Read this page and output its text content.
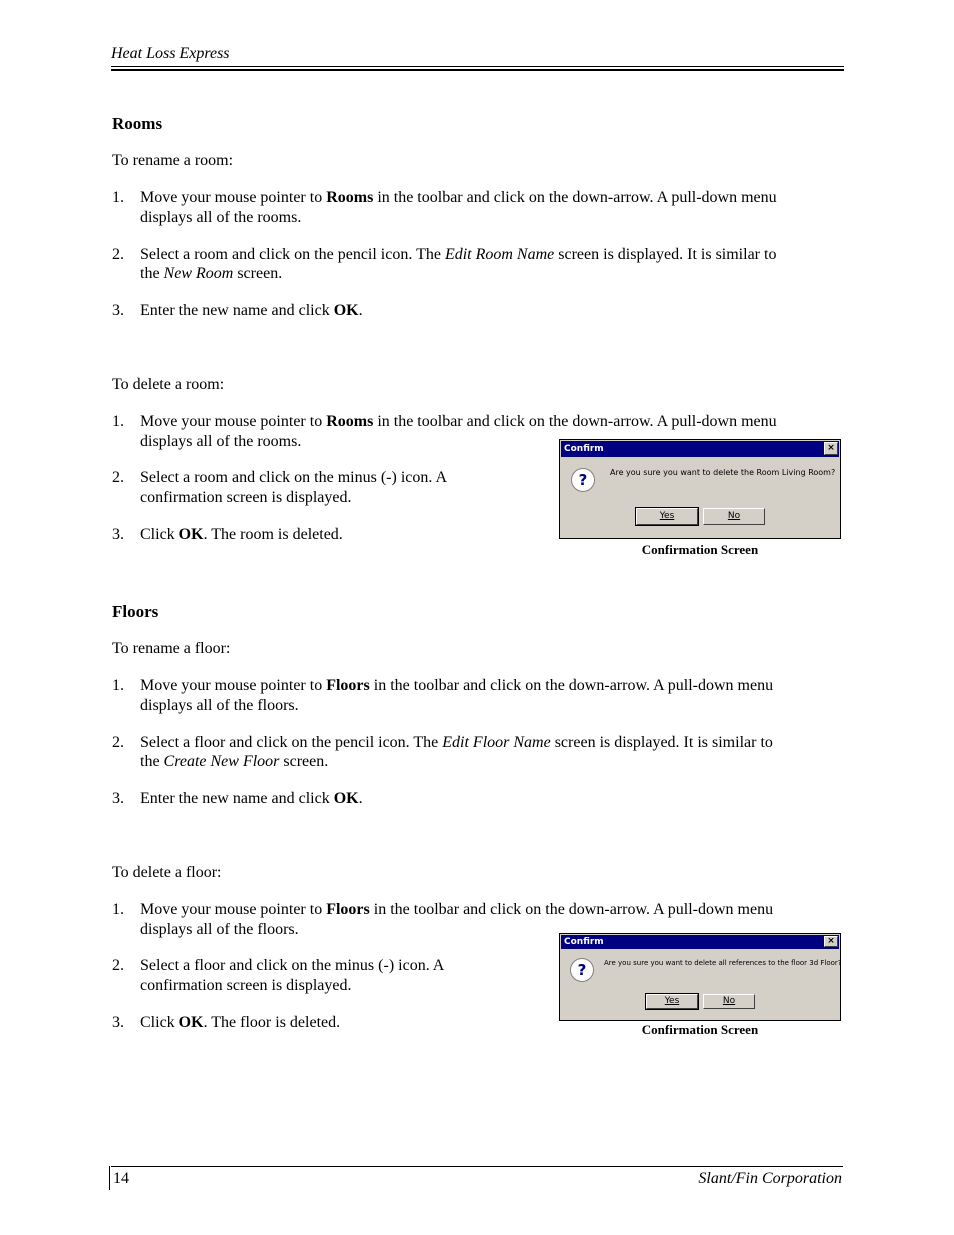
Heat Loss Express
Rooms
To rename a room:
1. Move your mouse pointer to Rooms in the toolbar and click on the down-arrow. A pull-down menu
displays all of the rooms.
2. Select a room and click on the pencil icon. The Edit Room Name screen is displayed. It is similar to
the New Room screen.
3. Enter the new name and click OK.
To delete a room:
1. Move your mouse pointer to Rooms in the toolbar and click on the down-arrow. A pull-down menu
displays all of the rooms.
2. Select a room and click on the minus (-) icon. A
confirmation screen is displayed.
3. Click OK. The room is deleted.
Confirm	×
?	Are you sure you want to delete the Room Living Room?
Yes	No
Confirmation Screen
Floors
To rename a floor:
1. Move your mouse pointer to Floors in the toolbar and click on the down-arrow. A pull-down menu
displays all of the floors.
2. Select a floor and click on the pencil icon. The Edit Floor Name screen is displayed. It is similar to
the Create New Floor screen.
3. Enter the new name and click OK.
To delete a floor:
1. Move your mouse pointer to Floors in the toolbar and click on the down-arrow. A pull-down menu
displays all of the floors.
2. Select a floor and click on the minus (-) icon. A
confirmation screen is displayed.
3. Click OK. The floor is deleted.
Confirm	×
?	Are you sure you want to delete all references to the floor 3d Floor?
Yes	No
Confirmation Screen
14	Slant/Fin Corporation
